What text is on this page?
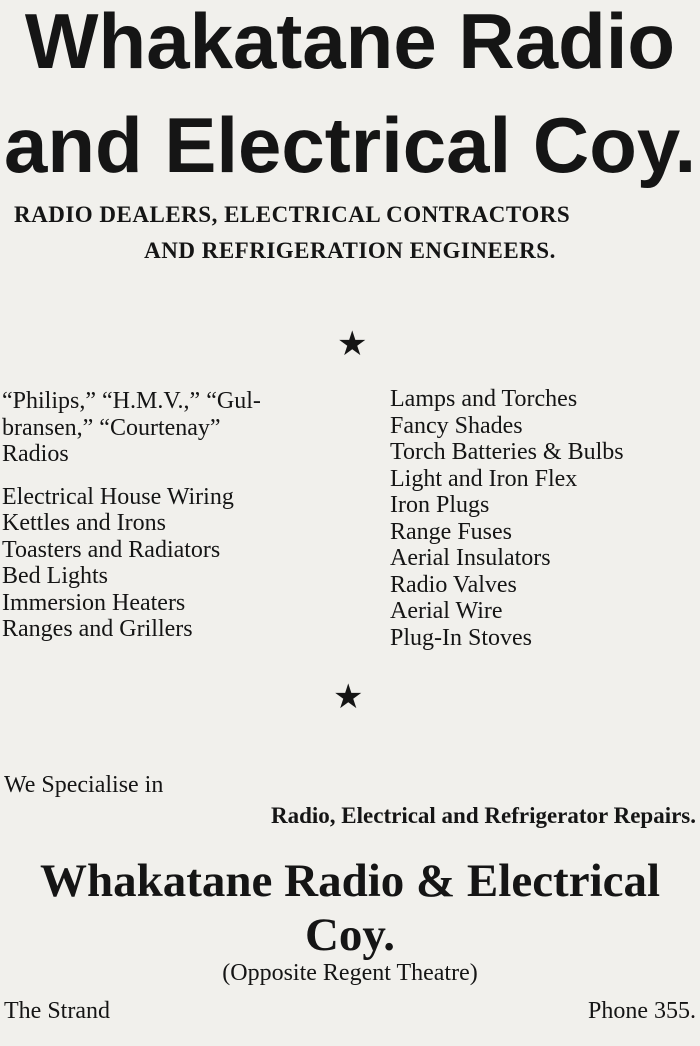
Whakatane Radio
and Electrical Coy.
RADIO DEALERS, ELECTRICAL CONTRACTORS
AND REFRIGERATION ENGINEERS.
★
“Philips,” “H.M.V.,” “Gul-
bransen,” “Courtenay”
Radios
Electrical House Wiring
Kettles and Irons
Toasters and Radiators
Bed Lights
Immersion Heaters
Ranges and Grillers
Lamps and Torches
Fancy Shades
Torch Batteries & Bulbs
Light and Iron Flex
Iron Plugs
Range Fuses
Aerial Insulators
Radio Valves
Aerial Wire
Plug-In Stoves
★
We Specialise in
Radio, Electrical and Refrigerator Repairs.
Whakatane Radio & Electrical
Coy.
(Opposite Regent Theatre)
The Strand	Phone 355.
